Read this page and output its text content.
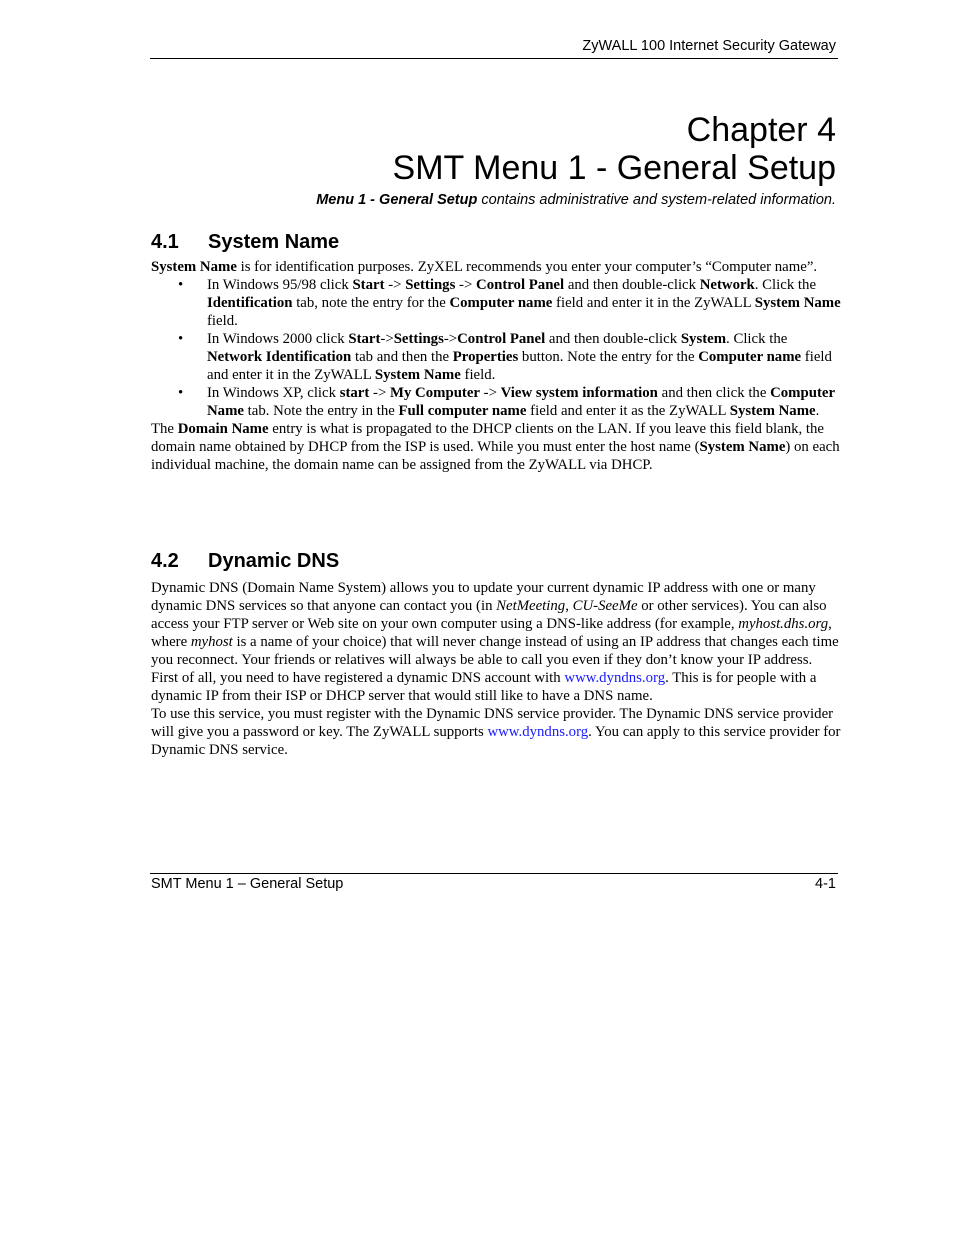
ZyWALL 100 Internet Security Gateway
Chapter 4
SMT Menu 1 - General Setup
Menu 1 - General Setup contains administrative and system-related information.
4.1 System Name

System Name is for identification purposes. ZyXEL recommends you enter your computer’s “Computer name”.

• In Windows 95/98 click Start -> Settings -> Control Panel and then double-click Network. Click the Identification tab, note the entry for the Computer name field and enter it in the ZyWALL System Name field.
• In Windows 2000 click Start->Settings->Control Panel and then double-click System. Click the Network Identification tab and then the Properties button. Note the entry for the Computer name field and enter it in the ZyWALL System Name field.
• In Windows XP, click start -> My Computer -> View system information and then click the Computer Name tab. Note the entry in the Full computer name field and enter it as the ZyWALL System Name.

The Domain Name entry is what is propagated to the DHCP clients on the LAN. If you leave this field blank, the domain name obtained by DHCP from the ISP is used. While you must enter the host name (System Name) on each individual machine, the domain name can be assigned from the ZyWALL via DHCP.

4.2 Dynamic DNS

Dynamic DNS (Domain Name System) allows you to update your current dynamic IP address with one or many dynamic DNS services so that anyone can contact you (in NetMeeting, CU-SeeMe or other services). You can also access your FTP server or Web site on your own computer using a DNS-like address (for example, myhost.dhs.org, where myhost is a name of your choice) that will never change instead of using an IP address that changes each time you reconnect. Your friends or relatives will always be able to call you even if they don’t know your IP address.

First of all, you need to have registered a dynamic DNS account with www.dyndns.org. This is for people with a dynamic IP from their ISP or DHCP server that would still like to have a DNS name.

To use this service, you must register with the Dynamic DNS service provider. The Dynamic DNS service provider will give you a password or key. The ZyWALL supports www.dyndns.org. You can apply to this service provider for Dynamic DNS service.

SMT Menu 1 – General Setup	4-1
